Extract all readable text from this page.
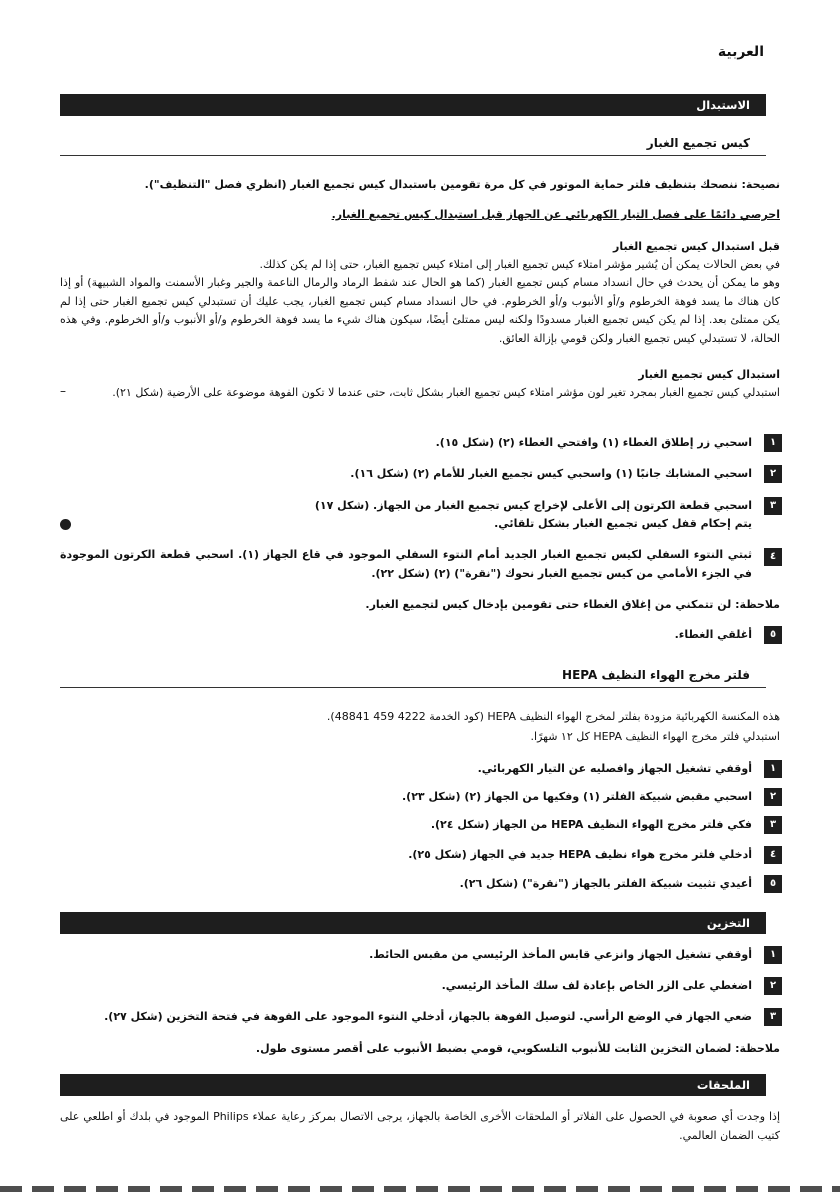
العربية
الاستبدال
كيس تجميع الغبار
نصيحة: ننصحك بتنظيف فلتر حماية الموتور في كل مرة تقومين باستبدال كيس تجميع الغبار (انظري فصل "التنظيف").
احرصي دائمًا على فصل التيار الكهربائي عن الجهاز قبل استبدال كيس تجميع الغبار.
قبل استبدال كيس تجميع الغبار
في بعض الحالات يمكن أن يُشير مؤشر امتلاء كيس تجميع الغبار إلى امتلاء كيس تجميع الغبار، حتى إذا لم يكن كذلك.
وهو ما يمكن أن يحدث في حال انسداد مسام كيس تجميع الغبار (كما هو الحال عند شفط الرماد والرمال الناعمة والجير وغبار الأسمنت والمواد الشبيهة) أو إذا كان هناك ما يسد فوهة الخرطوم و/أو الأنبوب و/أو الخرطوم. في حال انسداد مسام كيس تجميع الغبار، يجب عليك أن تستبدلي كيس تجميع الغبار حتى إذا لم يكن ممتلئ بعد. إذا لم يكن كيس تجميع الغبار مسدودًا ولكنه ليس ممتلئ أيضًا، سيكون هناك شيء ما يسد فوهة الخرطوم و/أو الأنبوب و/أو الخرطوم. وفي هذه الحالة، لا تستبدلي كيس تجميع الغبار ولكن قومي بإزالة العائق.
استبدال كيس تجميع الغبار
–	استبدلي كيس تجميع الغبار بمجرد تغير لون مؤشر امتلاء كيس تجميع الغبار بشكل ثابت، حتى عندما لا تكون الفوهة موضوعة على الأرضية (شكل ٢١).
١
اسحبي زر إطلاق الغطاء (١) وافتحي الغطاء (٢) (شكل ١٥).
٢
اسحبي المشابك جانبًا (١) واسحبي كيس تجميع الغبار للأمام (٢) (شكل ١٦).
٣
اسحبي قطعة الكرتون إلى الأعلى لإخراج كيس تجميع الغبار من الجهاز. (شكل ١٧)
يتم إحكام قفل كيس تجميع الغبار بشكل تلقائي.
٤
ثبتي النتوء السفلي لكيس تجميع الغبار الجديد أمام النتوء السفلي الموجود في قاع الجهاز (١). اسحبي قطعة الكرتون الموجودة في الجزء الأمامي من كيس تجميع الغبار نحوك ("نقرة") (٢) (شكل ٢٢).
ملاحظة: لن تتمكني من إغلاق الغطاء حتى تقومين بإدخال كيس لتجميع الغبار.
٥
أغلقي الغطاء.
فلتر مخرج الهواء النظيف HEPA
هذه المكنسة الكهربائية مزودة بفلتر لمخرج الهواء النظيف HEPA (كود الخدمة 4222 459 48841).
استبدلي فلتر مخرج الهواء النظيف HEPA كل ١٢ شهرًا.
١
أوقفي تشغيل الجهاز وافصليه عن التيار الكهربائي.
٢
اسحبي مقبض شبيكة الفلتر (١) وفكيها من الجهاز (٢) (شكل ٢٣).
٣
فكي فلتر مخرج الهواء النظيف HEPA من الجهاز (شكل ٢٤).
٤
أدخلي فلتر مخرج هواء نظيف HEPA جديد في الجهاز (شكل ٢٥).
٥
أعيدي تثبيت شبيكة الفلتر بالجهاز ("نقرة") (شكل ٢٦).
التخزين
١
أوقفي تشغيل الجهاز وانزعي قابس المأخذ الرئيسي من مقبس الحائط.
٢
اضغطي على الزر الخاص بإعادة لف سلك المأخذ الرئيسي.
٣
ضعي الجهاز في الوضع الرأسي. لتوصيل الفوهة بالجهاز، أدخلي النتوء الموجود على الفوهة في فتحة التخزين (شكل ٢٧).
ملاحظة: لضمان التخزين الثابت للأنبوب التلسكوبي، قومي بضبط الأنبوب على أقصر مستوى طول.
الملحقات
إذا وجدت أي صعوبة في الحصول على الفلاتر أو الملحقات الأخرى الخاصة بالجهاز، يرجى الاتصال بمركز رعاية عملاء Philips الموجود في بلدك أو اطلعي على كتيب الضمان العالمي.
